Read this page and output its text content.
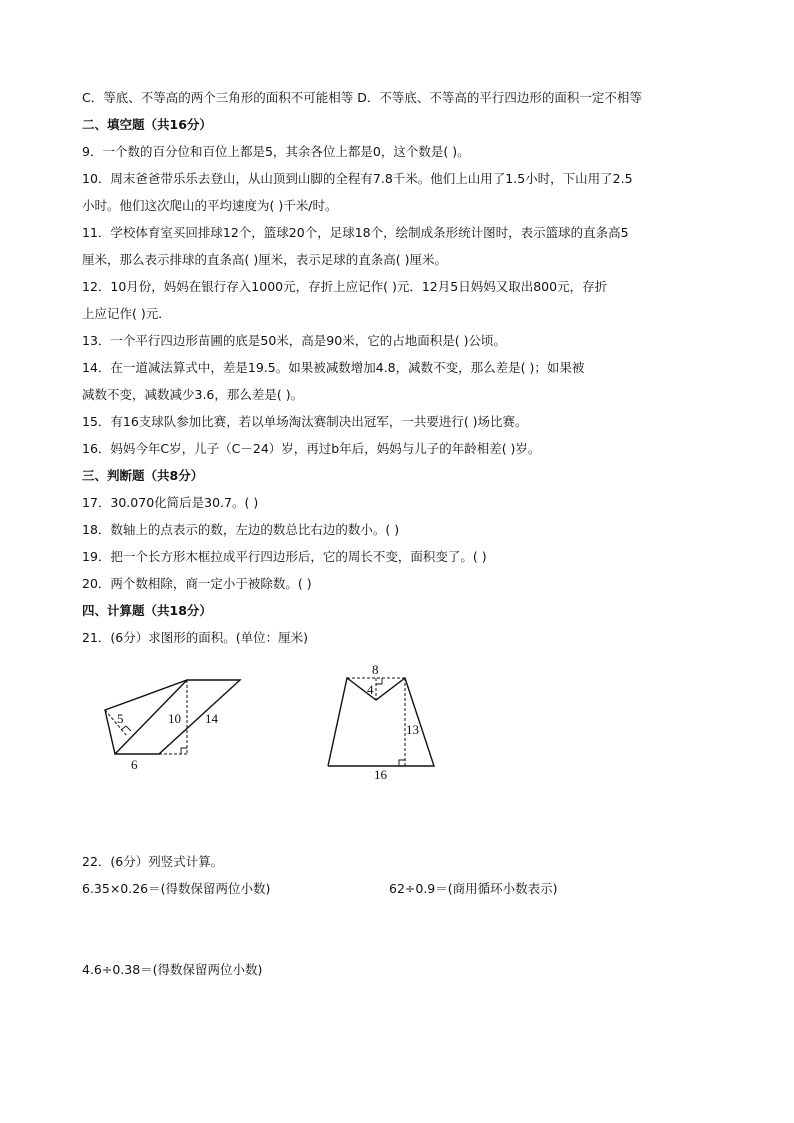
C．等底、不等高的两个三角形的面积不可能相等 D．不等底、不等高的平行四边形的面积一定不相等
二、填空题（共16分）
9．一个数的百分位和百位上都是5，其余各位上都是0，这个数是( )。
10．周末爸爸带乐乐去登山，从山顶到山脚的全程有7.8千米。他们上山用了1.5小时，下山用了2.5
小时。他们这次爬山的平均速度为( )千米/时。
11．学校体育室买回排球12个，篮球20个，足球18个，绘制成条形统计图时，表示篮球的直条高5
厘米，那么表示排球的直条高( )厘米，表示足球的直条高( )厘米。
12．10月份，妈妈在银行存入1000元，存折上应记作( )元．12月5日妈妈又取出800元，存折
上应记作( )元．
13．一个平行四边形苗圃的底是50米，高是90米，它的占地面积是( )公顷。
14．在一道减法算式中，差是19.5。如果被减数增加4.8，减数不变，那么差是( )；如果被
减数不变，减数减少3.6，那么差是( )。
15．有16支球队参加比赛，若以单场淘汰赛制决出冠军，一共要进行( )场比赛。
16．妈妈今年C岁，儿子（C－24）岁，再过b年后，妈妈与儿子的年龄相差( )岁。
三、判断题（共8分）
17．30.070化简后是30.7。( )
18．数轴上的点表示的数，左边的数总比右边的数小。( )
19．把一个长方形木框拉成平行四边形后，它的周长不变，面积变了。( )
20．两个数相除，商一定小于被除数。( )
四、计算题（共18分）
21．(6分）求图形的面积。(单位：厘米)
5	10 14
6
8
4
13
16
22．(6分）列竖式计算。
6.35×0.26＝(得数保留两位小数)	62÷0.9＝(商用循环小数表示)
4.6÷0.38＝(得数保留两位小数)
